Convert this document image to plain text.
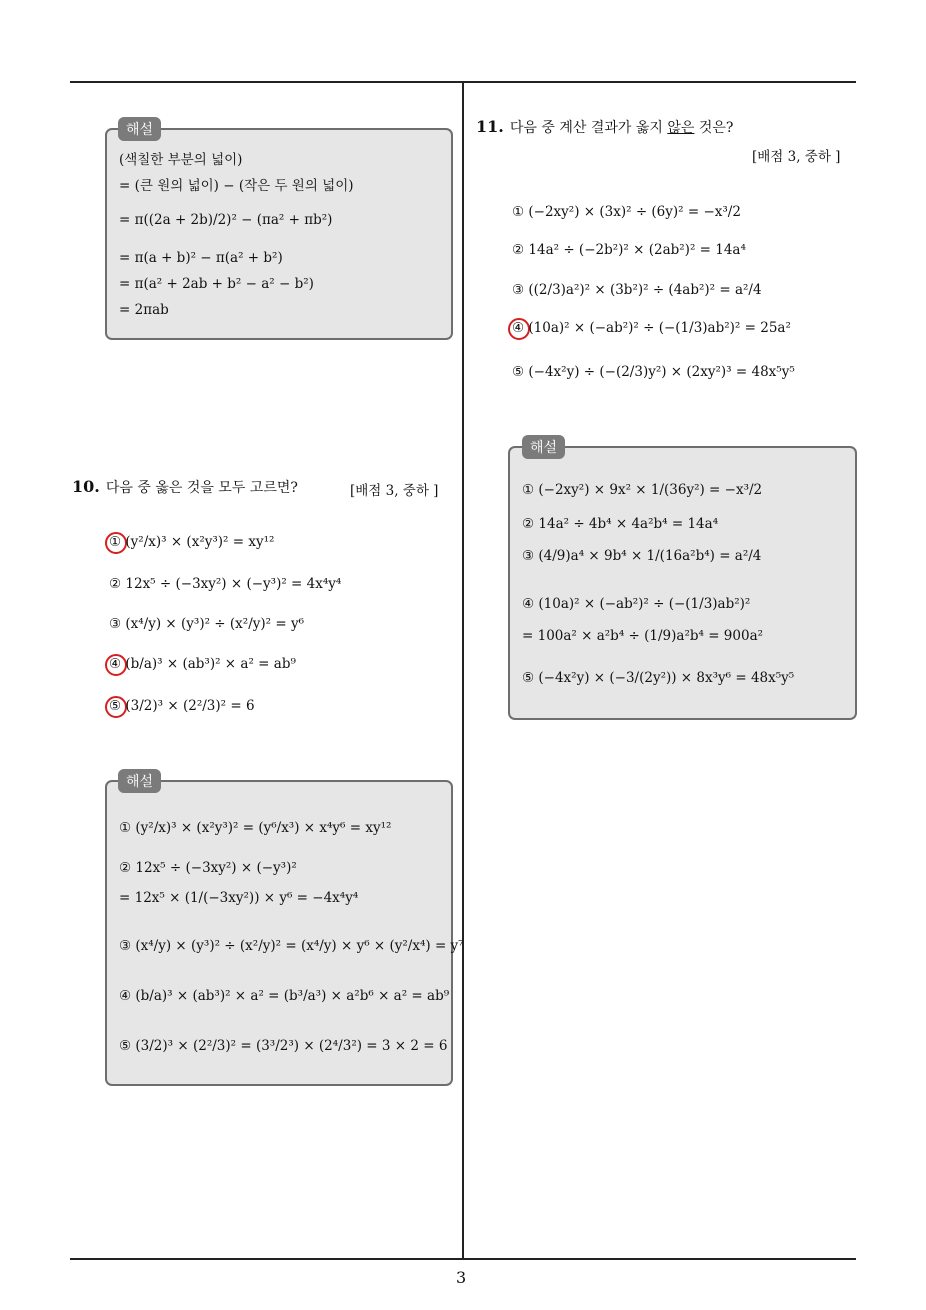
3
(색칠한 부분의 넓이)
= (큰 원의 넓이) − (작은 두 원의 넓이)
= π((2a + 2b)/2)² − (πa² + πb²)
= π(a + b)² − π(a² + b²)
= π(a² + 2ab + b² − a² − b²)
= 2πab
해설
10. 다음 중 옳은 것을 모두 고르면?	[배점 3, 중하 ]
① (y²/x)³ × (x²y³)² = xy¹²
② 12x⁵ ÷ (−3xy²) × (−y³)² = 4x⁴y⁴
③ (x⁴/y) × (y³)² ÷ (x²/y)² = y⁶
④ (b/a)³ × (ab³)² × a² = ab⁹
⑤ (3/2)³ × (2²/3)² = 6
① (y²/x)³ × (x²y³)² = (y⁶/x³) × x⁴y⁶ = xy¹²
② 12x⁵ ÷ (−3xy²) × (−y³)²
= 12x⁵ × (1/(−3xy²)) × y⁶ = −4x⁴y⁴
③ (x⁴/y) × (y³)² ÷ (x²/y)² = (x⁴/y) × y⁶ × (y²/x⁴) = y⁷
④ (b/a)³ × (ab³)² × a² = (b³/a³) × a²b⁶ × a² = ab⁹
⑤ (3/2)³ × (2²/3)² = (3³/2³) × (2⁴/3²) = 3 × 2 = 6
해설
11. 다음 중 계산 결과가 옳지 않은 것은?
[배점 3, 중하 ]
① (−2xy²) × (3x)² ÷ (6y)² = −x³/2
② 14a² ÷ (−2b²)² × (2ab²)² = 14a⁴
③ ((2/3)a²)² × (3b²)² ÷ (4ab²)² = a²/4
④ (10a)² × (−ab²)² ÷ (−(1/3)ab²)² = 25a²
⑤ (−4x²y) ÷ (−(2/3)y²) × (2xy²)³ = 48x⁵y⁵
① (−2xy²) × 9x² × 1/(36y²) = −x³/2
② 14a² ÷ 4b⁴ × 4a²b⁴ = 14a⁴
③ (4/9)a⁴ × 9b⁴ × 1/(16a²b⁴) = a²/4
④ (10a)² × (−ab²)² ÷ (−(1/3)ab²)²
= 100a² × a²b⁴ ÷ (1/9)a²b⁴ = 900a²
⑤ (−4x²y) × (−3/(2y²)) × 8x³y⁶ = 48x⁵y⁵
해설
